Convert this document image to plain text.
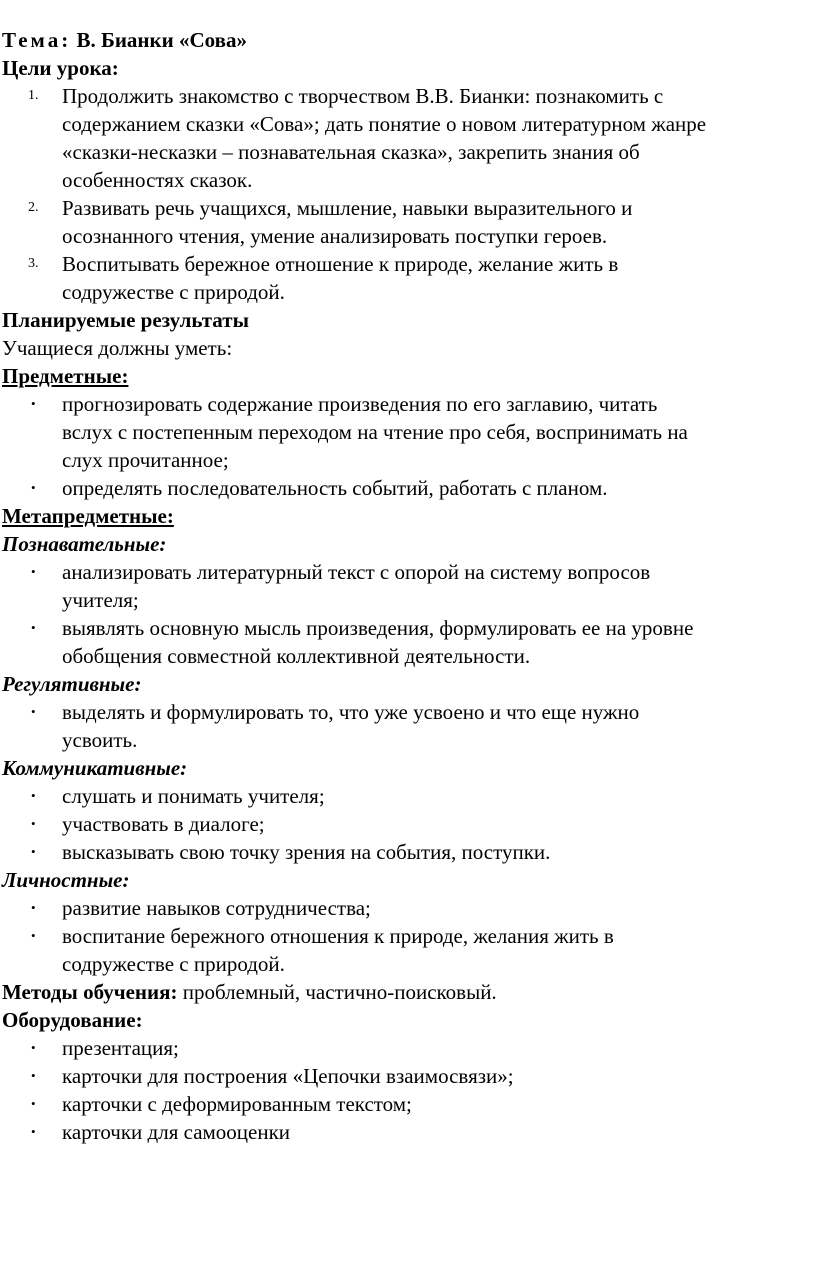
Тема: В. Бианки «Сова»

Цели урока:

1. Продолжить знакомство с творчеством В.В. Бианки: познакомить с
содержанием сказки «Сова»; дать понятие о новом литературном жанре
«сказки-несказки – познавательная сказка», закрепить знания об
особенностях сказок.
2. Развивать речь учащихся, мышление, навыки выразительного и
осознанного чтения, умение анализировать поступки героев.
3. Воспитывать бережное отношение к природе, желание жить в
содружестве с природой.

Планируемые результаты

Учащиеся должны уметь:

Предметные:

• прогнозировать содержание произведения по его заглавию, читать
вслух с постепенным переходом на чтение про себя, воспринимать на
слух прочитанное;
• определять последовательность событий, работать с планом.

Метапредметные:

Познавательные:

• анализировать литературный текст с опорой на систему вопросов
учителя;
• выявлять основную мысль произведения, формулировать ее на уровне
обобщения совместной коллективной деятельности.

Регулятивные:

• выделять и формулировать то, что уже усвоено и что еще нужно
усвоить.

Коммуникативные:

• слушать и понимать учителя;
• участвовать в диалоге;
• высказывать свою точку зрения на события, поступки.

Личностные:

• развитие навыков сотрудничества;
• воспитание бережного отношения к природе, желания жить в
содружестве с природой.

Методы обучения: проблемный, частично-поисковый.

Оборудование:

• презентация;
• карточки для построения «Цепочки взаимосвязи»;
• карточки с деформированным текстом;
• карточки для самооценки
